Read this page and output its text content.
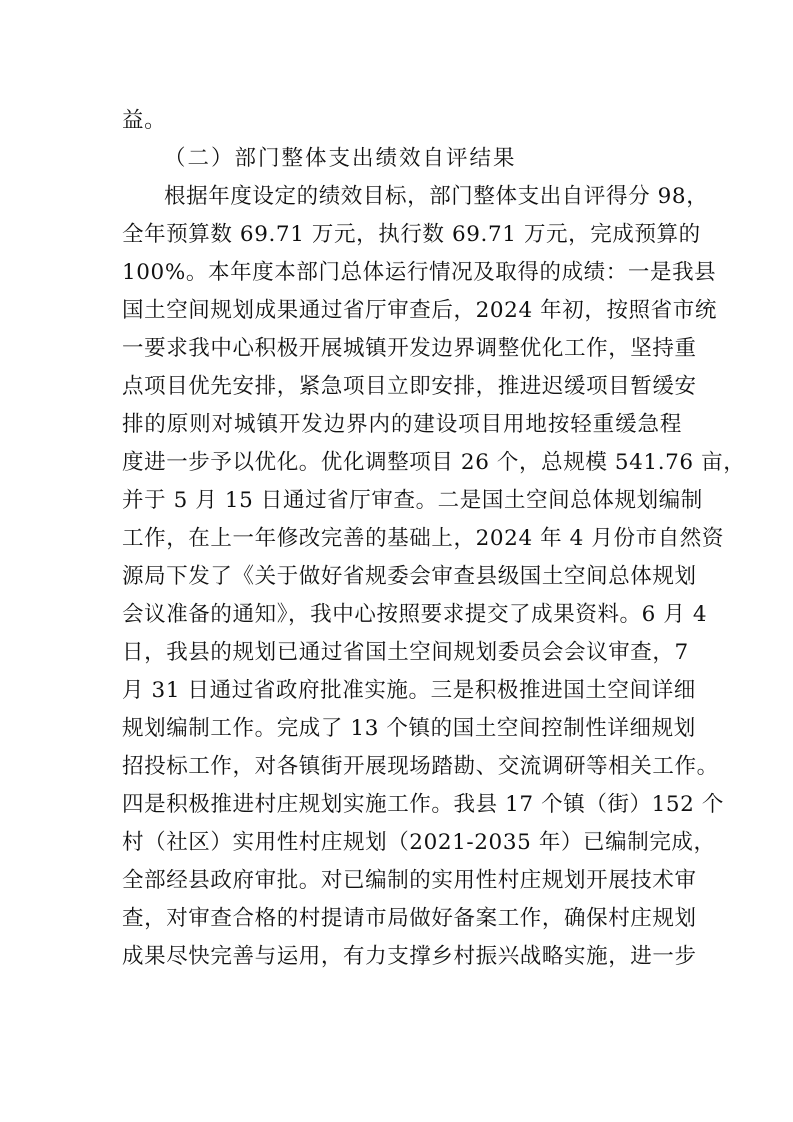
益。
（二）部门整体支出绩效自评结果
根据年度设定的绩效目标，部门整体支出自评得分 98，
全年预算数 69.71 万元，执行数 69.71 万元，完成预算的
100%。本年度本部门总体运行情况及取得的成绩：一是我县
国土空间规划成果通过省厅审查后，2024 年初，按照省市统
一要求我中心积极开展城镇开发边界调整优化工作，坚持重
点项目优先安排，紧急项目立即安排，推进迟缓项目暂缓安
排的原则对城镇开发边界内的建设项目用地按轻重缓急程
度进一步予以优化。优化调整项目 26 个，总规模 541.76 亩，
并于 5 月 15 日通过省厅审查。二是国土空间总体规划编制
工作，在上一年修改完善的基础上，2024 年 4 月份市自然资
源局下发了《关于做好省规委会审查县级国土空间总体规划
会议准备的通知》，我中心按照要求提交了成果资料。6 月 4
日，我县的规划已通过省国土空间规划委员会会议审查，7
月 31 日通过省政府批准实施。三是积极推进国土空间详细
规划编制工作。完成了 13 个镇的国土空间控制性详细规划
招投标工作，对各镇街开展现场踏勘、交流调研等相关工作。
四是积极推进村庄规划实施工作。我县 17 个镇（街）152 个
村（社区）实用性村庄规划（2021-2035 年）已编制完成，
全部经县政府审批。对已编制的实用性村庄规划开展技术审
查，对审查合格的村提请市局做好备案工作，确保村庄规划
成果尽快完善与运用，有力支撑乡村振兴战略实施，进一步
